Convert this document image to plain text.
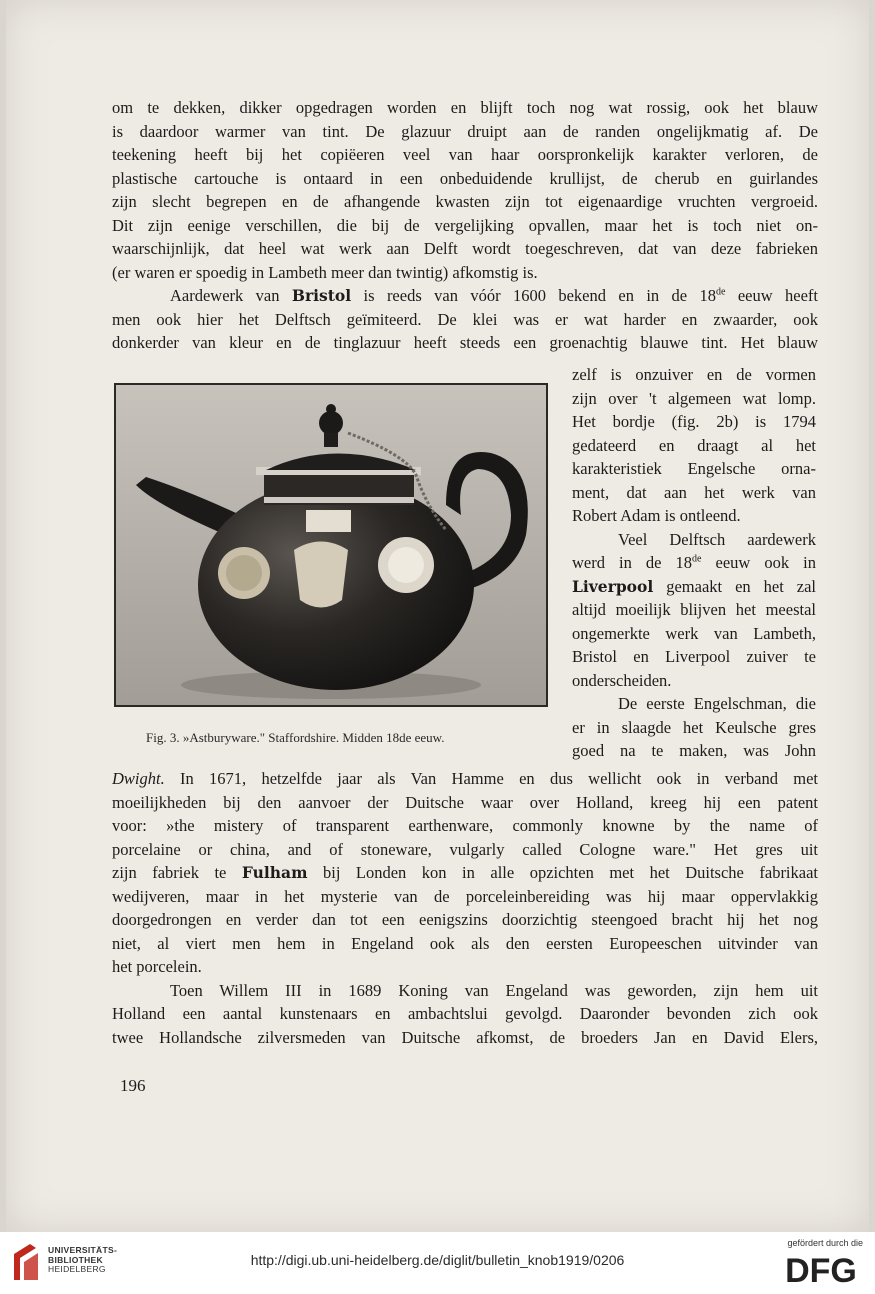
om te dekken, dikker opgedragen worden en blijft toch nog wat rossig, ook het blauw
is daardoor warmer van tint. De glazuur druipt aan de randen ongelijkmatig af. De
teekening heeft bij het copiëeren veel van haar oorspronkelijk karakter verloren, de
plastische cartouche is ontaard in een onbeduidende krullijst, de cherub en guirlandes
zijn slecht begrepen en de afhangende kwasten zijn tot eigenaardige vruchten vergroeid.
Dit zijn eenige verschillen, die bij de vergelijking opvallen, maar het is toch niet on-
waarschijnlijk, dat heel wat werk aan Delft wordt toegeschreven, dat van deze fabrieken
(er waren er spoedig in Lambeth meer dan twintig) afkomstig is.
Aardewerk van Bristol is reeds van vóór 1600 bekend en in de 18de eeuw heeft
men ook hier het Delftsch geïmiteerd. De klei was er wat harder en zwaarder, ook
donkerder van kleur en de tinglazuur heeft steeds een groenachtig blauwe tint. Het blauw
zelf is onzuiver en de vormen
zijn over 't algemeen wat lomp.
Het bordje (fig. 2b) is 1794
gedateerd en draagt al het
karakteristiek Engelsche orna-
ment, dat aan het werk van
Robert Adam is ontleend.
Veel Delftsch aardewerk
werd in de 18de eeuw ook in
Liverpool gemaakt en het zal
altijd moeilijk blijven het meestal
ongemerkte werk van Lambeth,
Bristol en Liverpool zuiver te
onderscheiden.
De eerste Engelschman, die
er in slaagde het Keulsche gres
goed na te maken, was John
Fig. 3. »Astburyware." Staffordshire. Midden 18de eeuw.
Dwight. In 1671, hetzelfde jaar als Van Hamme en dus wellicht ook in verband met
moeilijkheden bij den aanvoer der Duitsche waar over Holland, kreeg hij een patent
voor: »the mistery of transparent earthenware, commonly knowne by the name of
porcelaine or china, and of stoneware, vulgarly called Cologne ware." Het gres uit
zijn fabriek te Fulham bij Londen kon in alle opzichten met het Duitsche fabrikaat
wedijveren, maar in het mysterie van de porceleinbereiding was hij maar oppervlakkig
doorgedrongen en verder dan tot een eenigszins doorzichtig steengoed bracht hij het nog
niet, al viert men hem in Engeland ook als den eersten Europeeschen uitvinder van
het porcelein.
Toen Willem III in 1689 Koning van Engeland was geworden, zijn hem uit
Holland een aantal kunstenaars en ambachtslui gevolgd. Daaronder bevonden zich ook
twee Hollandsche zilversmeden van Duitsche afkomst, de broeders Jan en David Elers,
196
UNIVERSITÄTS-
BIBLIOTHEK
HEIDELBERG
http://digi.ub.uni-heidelberg.de/diglit/bulletin_knob1919/0206
gefördert durch die
DFG
